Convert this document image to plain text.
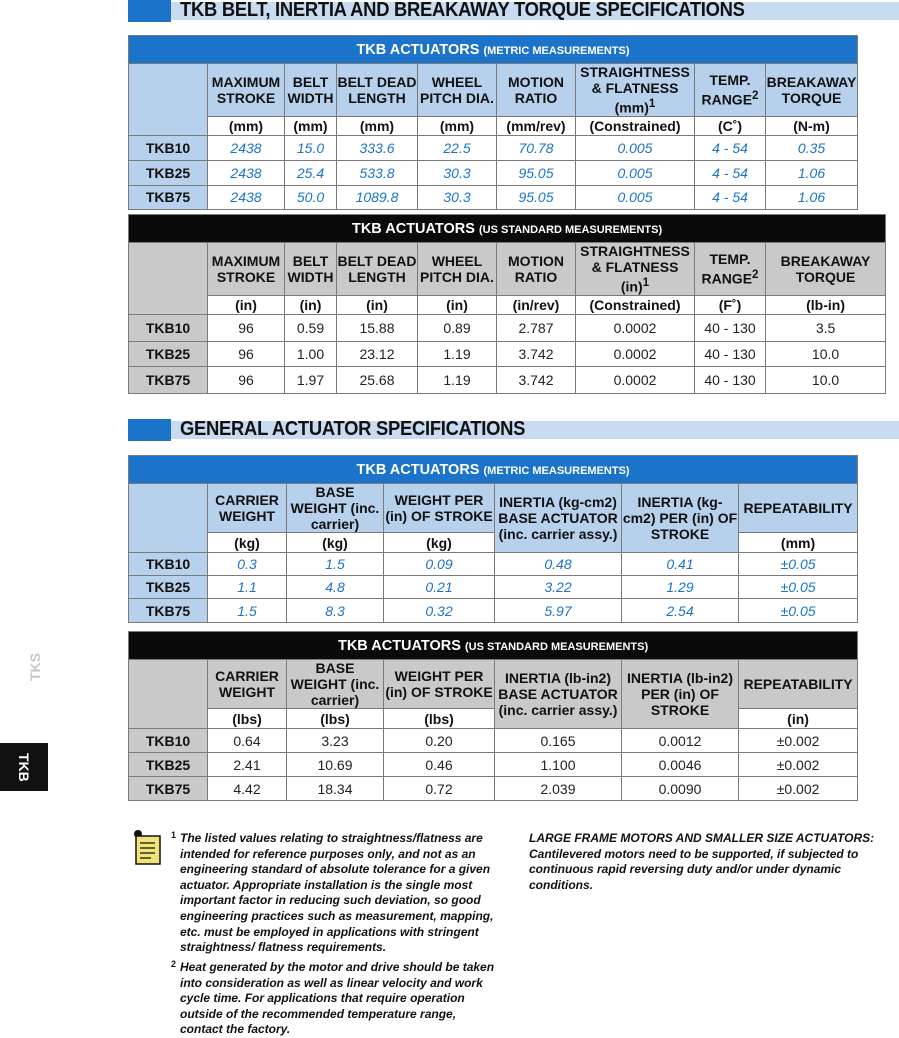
TKB BELT, INERTIA AND BREAKAWAY TORQUE SPECIFICATIONS
TKB ACTUATORS (METRIC MEASUREMENTS)								
	MAXIMUM STROKE	BELT WIDTH	BELT DEAD LENGTH	WHEEL PITCH DIA.	MOTION RATIO	STRAIGHTNESS & FLATNESS (mm)$^1$	TEMP. RANGE$^2$	BREAKAWAY TORQUE
	(mm)	(mm)	(mm)	(mm)	(mm/rev)	(Constrained)	(C˚)	(N-m)
TKB10	2438	15.0	333.6	22.5	70.78	0.005	4 - 54	0.35
TKB25	2438	25.4	533.8	30.3	95.05	0.005	4 - 54	1.06
TKB75	2438	50.0	1089.8	30.3	95.05	0.005	4 - 54	1.06
TKB ACTUATORS (US STANDARD MEASUREMENTS)								
	MAXIMUM STROKE	BELT WIDTH	BELT DEAD LENGTH	WHEEL PITCH DIA.	MOTION RATIO	STRAIGHTNESS & FLATNESS (in)$^1$	TEMP. RANGE$^2$	BREAKAWAY TORQUE
	(in)	(in)	(in)	(in)	(in/rev)	(Constrained)	(F˚)	(lb-in)
TKB10	96	0.59	15.88	0.89	2.787	0.0002	40 - 130	3.5
TKB25	96	1.00	23.12	1.19	3.742	0.0002	40 - 130	10.0
TKB75	96	1.97	25.68	1.19	3.742	0.0002	40 - 130	10.0
GENERAL ACTUATOR SPECIFICATIONS
TKB ACTUATORS (METRIC MEASUREMENTS)						
	CARRIER WEIGHT	BASE WEIGHT (inc. carrier)	WEIGHT PER (in) OF STROKE	INERTIA (kg-cm2) BASE ACTUATOR (inc. carrier assy.)	INERTIA (kg-cm2) PER (in) OF STROKE	REPEATABILITY
	(kg)	(kg)	(kg)			(mm)
TKB10	0.3	1.5	0.09	0.48	0.41	±0.05
TKB25	1.1	4.8	0.21	3.22	1.29	±0.05
TKB75	1.5	8.3	0.32	5.97	2.54	±0.05
TKB ACTUATORS (US STANDARD MEASUREMENTS)						
	CARRIER WEIGHT	BASE WEIGHT (inc. carrier)	WEIGHT PER (in) OF STROKE	INERTIA (lb-in2) BASE ACTUATOR (inc. carrier assy.)	INERTIA (lb-in2) PER (in) OF STROKE	REPEATABILITY
	(lbs)	(lbs)	(lbs)			(in)
TKB10	0.64	3.23	0.20	0.165	0.0012	±0.002
TKB25	2.41	10.69	0.46	1.100	0.0046	±0.002
TKB75	4.42	18.34	0.72	2.039	0.0090	±0.002
TKS
TKB
1 The listed values relating to straightness/flatness are intended for reference purposes only, and not as an engineering standard of absolute tolerance for a given actuator. Appropriate installation is the single most important factor in reducing such deviation, so good engineering practices such as measurement, mapping, etc. must be employed in applications with stringent straightness/ flatness requirements.
2 Heat generated by the motor and drive should be taken into consideration as well as linear velocity and work cycle time. For applications that require operation outside of the recommended temperature range, contact the factory.
LARGE FRAME MOTORS AND SMALLER SIZE ACTUATORS: Cantilevered motors need to be supported, if subjected to continuous rapid reversing duty and/or under dynamic conditions.
